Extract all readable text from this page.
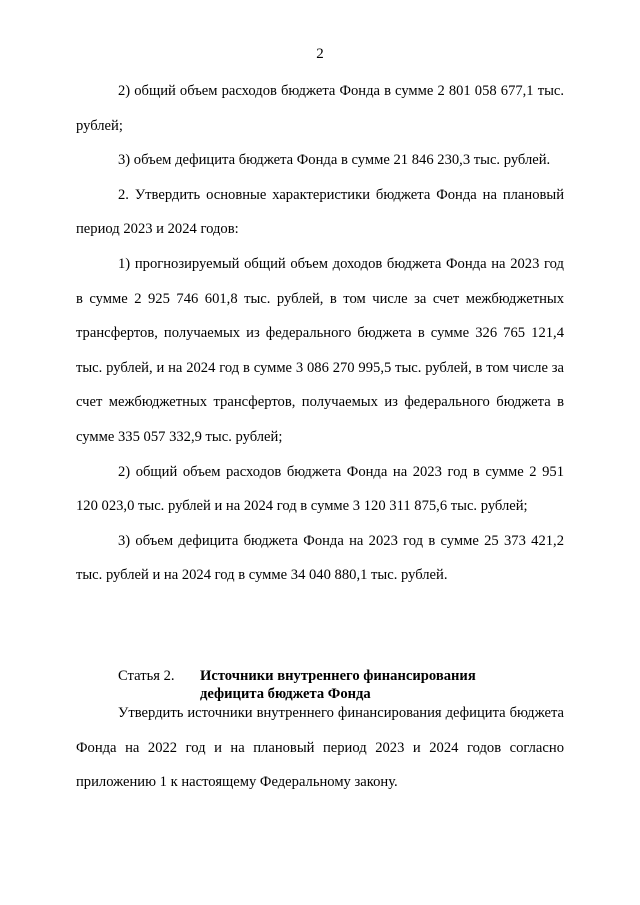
2

2) общий объем расходов бюджета Фонда в сумме 2 801 058 677,1 тыс. рублей;

3) объем дефицита бюджета Фонда в сумме 21 846 230,3 тыс. рублей.

2. Утвердить основные характеристики бюджета Фонда на плановый период 2023 и 2024 годов:

1) прогнозируемый общий объем доходов бюджета Фонда на 2023 год в сумме 2 925 746 601,8 тыс. рублей, в том числе за счет межбюджетных трансфертов, получаемых из федерального бюджета в сумме 326 765 121,4 тыс. рублей, и на 2024 год в сумме 3 086 270 995,5 тыс. рублей, в том числе за счет межбюджетных трансфертов, получаемых из федерального бюджета в сумме 335 057 332,9 тыс. рублей;

2) общий объем расходов бюджета Фонда на 2023 год в сумме 2 951 120 023,0 тыс. рублей и на 2024 год в сумме 3 120 311 875,6 тыс. рублей;

3) объем дефицита бюджета Фонда на 2023 год в сумме 25 373 421,2 тыс. рублей и на 2024 год в сумме 34 040 880,1 тыс. рублей.

Статья 2. Источники внутреннего финансирования
дефицита бюджета Фонда

Утвердить источники внутреннего финансирования дефицита бюджета Фонда на 2022 год и на плановый период 2023 и 2024 годов согласно приложению 1 к настоящему Федеральному закону.
